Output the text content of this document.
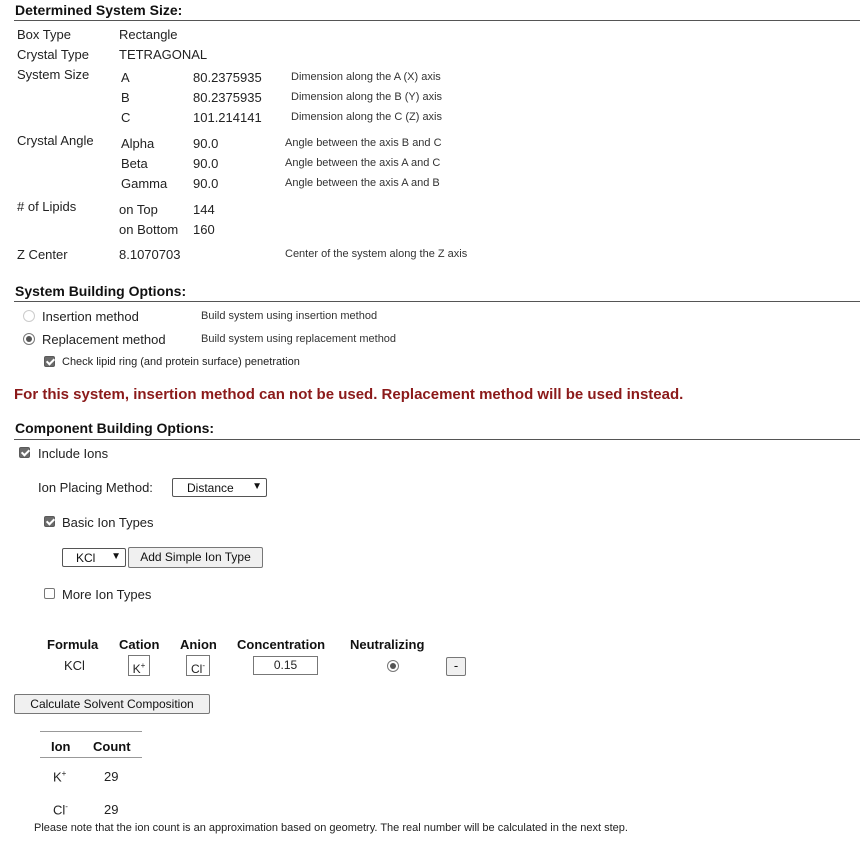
Determined System Size:
Box Type	Rectangle
Crystal Type TETRAGONAL
System Size A	80.2375935	Dimension along the A (X) axis
B	80.2375935	Dimension along the B (Y) axis
C	101.214141	Dimension along the C (Z) axis
Crystal Angle Alpha	90.0	Angle between the axis B and C
Beta	90.0	Angle between the axis A and C
Gamma 90.0	Angle between the axis A and B
# of Lipids	on Top	144
on Bottom 160
Z Center	8.1070703	Center of the system along the Z axis
System Building Options:
Insertion method	Build system using insertion method
Replacement method	Build system using replacement method
Check lipid ring (and protein surface) penetration
For this system, insertion method can not be used. Replacement method will be used instead.
Component Building Options:
Include Ions
Ion Placing Method:	Distance ▼
Basic Ion Types
KCl ▼	Add Simple Ion Type
More Ion Types
Formula Cation Anion Concentration Neutralizing
KCl	K+	Cl-	0.15	-
Calculate Solvent Composition
Ion Count
K+	29
Cl-	29
Please note that the ion count is an approximation based on geometry. The real number will be calculated in the next step.
